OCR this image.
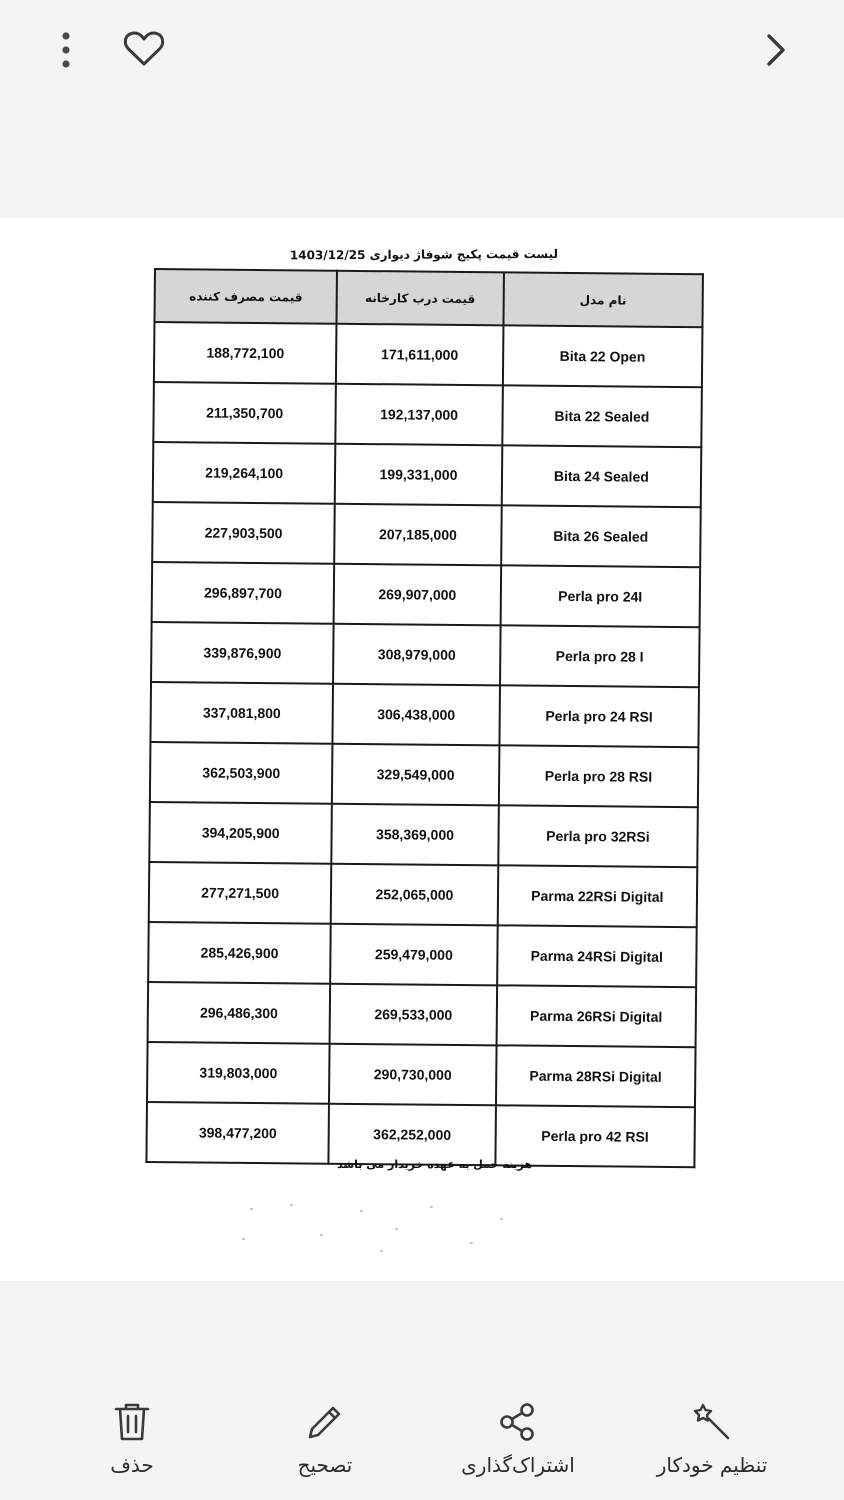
لیست قیمت پکیج شوفاژ دیواری 1403/12/25
نام مدل	قیمت درب کارخانه	قیمت مصرف کننده
Bita 22 Open	171,611,000	188,772,100
Bita 22 Sealed	192,137,000	211,350,700
Bita 24 Sealed	199,331,000	219,264,100
Bita 26 Sealed	207,185,000	227,903,500
Perla pro 24I	269,907,000	296,897,700
Perla pro 28 I	308,979,000	339,876,900
Perla pro 24 RSI	306,438,000	337,081,800
Perla pro 28 RSI	329,549,000	362,503,900
Perla pro 32RSi	358,369,000	394,205,900
Parma 22RSi Digital	252,065,000	277,271,500
Parma 24RSi Digital	259,479,000	285,426,900
Parma 26RSi Digital	269,533,000	296,486,300
Parma 28RSi Digital	290,730,000	319,803,000
Perla pro 42 RSI	362,252,000	398,477,200
هزینه حمل به عهده خریدار می باشد
حذف	تصحیح	اشتراک‌گذاری	تنظیم خودکار
